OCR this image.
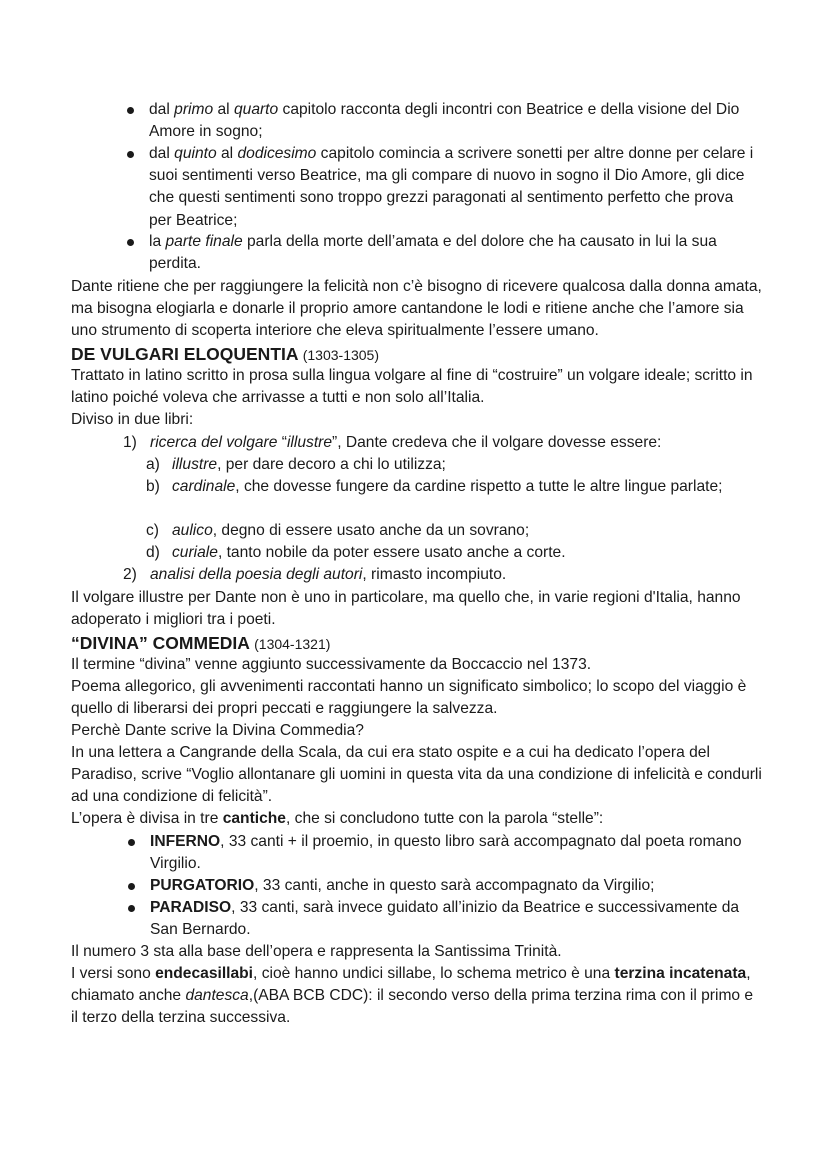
dal primo al quarto capitolo racconta degli incontri con Beatrice e della visione del Dio Amore in sogno;
dal quinto al dodicesimo capitolo comincia a scrivere sonetti per altre donne per celare i suoi sentimenti verso Beatrice, ma gli compare di nuovo in sogno il Dio Amore, gli dice che questi sentimenti sono troppo grezzi paragonati al sentimento perfetto che prova per Beatrice;
la parte finale parla della morte dell’amata e del dolore che ha causato in lui la sua perdita.

Dante ritiene che per raggiungere la felicità non c’è bisogno di ricevere qualcosa dalla donna amata, ma bisogna elogiarla e donarle il proprio amore cantandone le lodi e ritiene anche che l’amore sia uno strumento di scoperta interiore che eleva spiritualmente l’essere umano.

DE VULGARI ELOQUENTIA (1303-1305)

Trattato in latino scritto in prosa sulla lingua volgare al fine di “costruire” un volgare ideale; scritto in latino poiché voleva che arrivasse a tutti e non solo all’Italia.

Diviso in due libri:

1) ricerca del volgare “illustre”, Dante credeva che il volgare dovesse essere:
a) illustre, per dare decoro a chi lo utilizza;
b) cardinale, che dovesse fungere da cardine rispetto a tutte le altre lingue parlate;
c) aulico, degno di essere usato anche da un sovrano;
d) curiale, tanto nobile da poter essere usato anche a corte.
2) analisi della poesia degli autori, rimasto incompiuto.

Il volgare illustre per Dante non è uno in particolare, ma quello che, in varie regioni d'Italia, hanno adoperato i migliori tra i poeti.

“DIVINA” COMMEDIA (1304-1321)

Il termine “divina” venne aggiunto successivamente da Boccaccio nel 1373.

Poema allegorico, gli avvenimenti raccontati hanno un significato simbolico; lo scopo del viaggio è quello di liberarsi dei propri peccati e raggiungere la salvezza.

Perchè Dante scrive la Divina Commedia?

In una lettera a Cangrande della Scala, da cui era stato ospite e a cui ha dedicato l’opera del Paradiso, scrive “Voglio allontanare gli uomini in questa vita da una condizione di infelicità e condurli ad una condizione di felicità”.

L’opera è divisa in tre cantiche, che si concludono tutte con la parola “stelle”:

INFERNO, 33 canti + il proemio, in questo libro sarà accompagnato dal poeta romano Virgilio.
PURGATORIO, 33 canti, anche in questo sarà accompagnato da Virgilio;
PARADISO, 33 canti, sarà invece guidato all’inizio da Beatrice e successivamente da San Bernardo.

Il numero 3 sta alla base dell’opera e rappresenta la Santissima Trinità.

I versi sono endecasillabi, cioè hanno undici sillabe, lo schema metrico è una terzina incatenata, chiamato anche dantesca,(ABA BCB CDC): il secondo verso della prima terzina rima con il primo e il terzo della terzina successiva.
